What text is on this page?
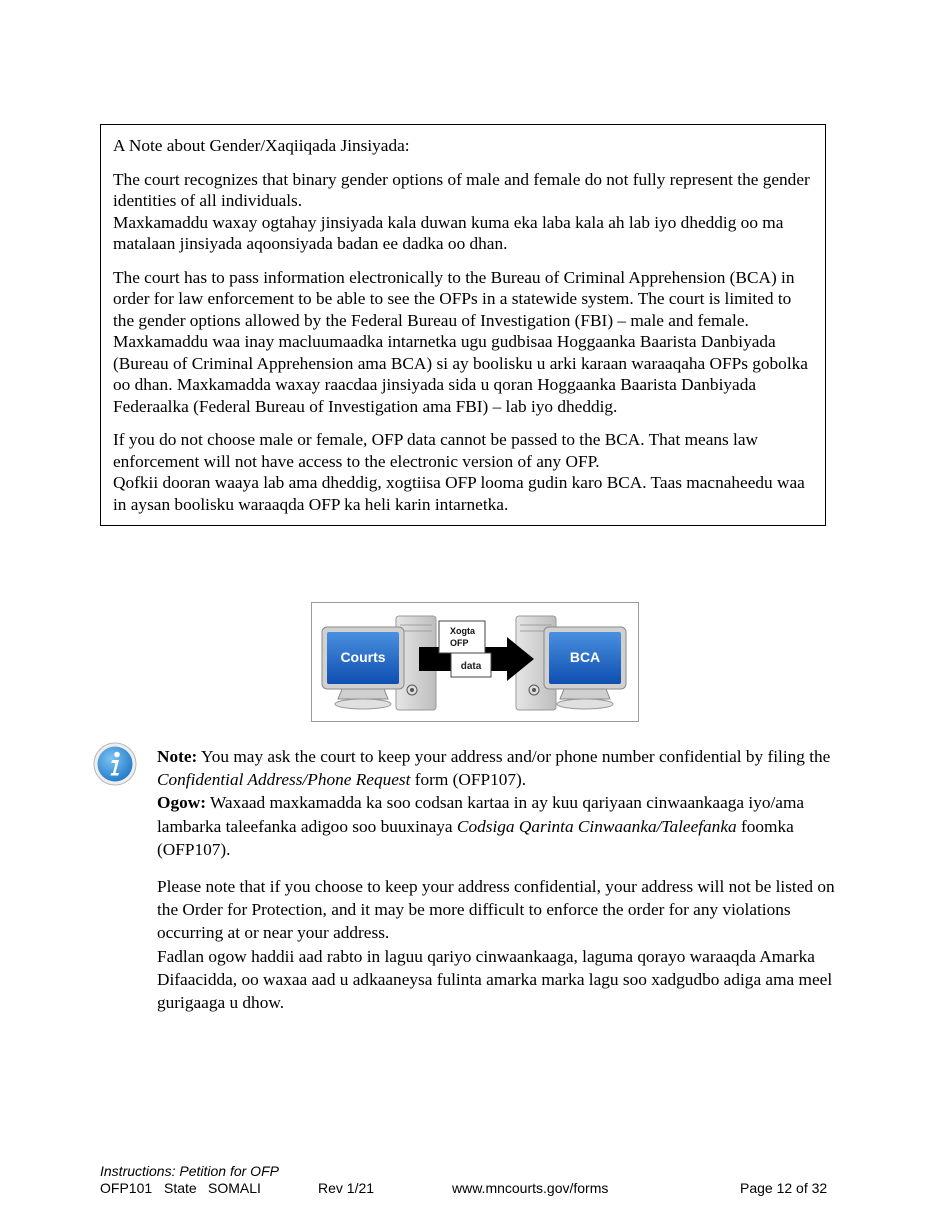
A Note about Gender/Xaqiiqada Jinsiyada:

The court recognizes that binary gender options of male and female do not fully represent the gender identities of all individuals.
Maxkamaddu waxay ogtahay jinsiyada kala duwan kuma eka laba kala ah lab iyo dheddig oo ma matalaan jinsiyada aqoonsiyada badan ee dadka oo dhan.

The court has to pass information electronically to the Bureau of Criminal Apprehension (BCA) in order for law enforcement to be able to see the OFPs in a statewide system. The court is limited to the gender options allowed by the Federal Bureau of Investigation (FBI) – male and female.
Maxkamaddu waa inay macluumaadka intarnetka ugu gudbisaa Hoggaanka Baarista Danbiyada (Bureau of Criminal Apprehension ama BCA) si ay boolisku u arki karaan waraaqaha OFPs gobolka oo dhan. Maxkamadda waxay raacdaa jinsiyada sida u qoran Hoggaanka Baarista Danbiyada Federaalka (Federal Bureau of Investigation ama FBI) – lab iyo dheddig.

If you do not choose male or female, OFP data cannot be passed to the BCA. That means law enforcement will not have access to the electronic version of any OFP.
Qofkii dooran waaya lab ama dheddig, xogtiisa OFP looma gudin karo BCA. Taas macnaheedu waa in aysan boolisku waraaqda OFP ka heli karin intarnetka.

Courts	BCA
data
Xogta
OFP

Note: You may ask the court to keep your address and/or phone number confidential by filing the Confidential Address/Phone Request form (OFP107).
Ogow: Waxaad maxkamadda ka soo codsan kartaa in ay kuu qariyaan cinwaankaaga iyo/ama lambarka taleefanka adigoo soo buuxinaya Codsiga Qarinta Cinwaanka/Taleefanka foomka (OFP107).

Please note that if you choose to keep your address confidential, your address will not be listed on the Order for Protection, and it may be more difficult to enforce the order for any violations occurring at or near your address.
Fadlan ogow haddii aad rabto in laguu qariyo cinwaankaaga, laguma qorayo waraaqda Amarka Difaacidda, oo waxaa aad u adkaaneysa fulinta amarka marka lagu soo xadgudbo adiga ama meel gurigaaga u dhow.

Instructions: Petition for OFP
OFP101 State SOMALI	Rev 1/21	www.mncourts.gov/forms	Page 12 of 32
